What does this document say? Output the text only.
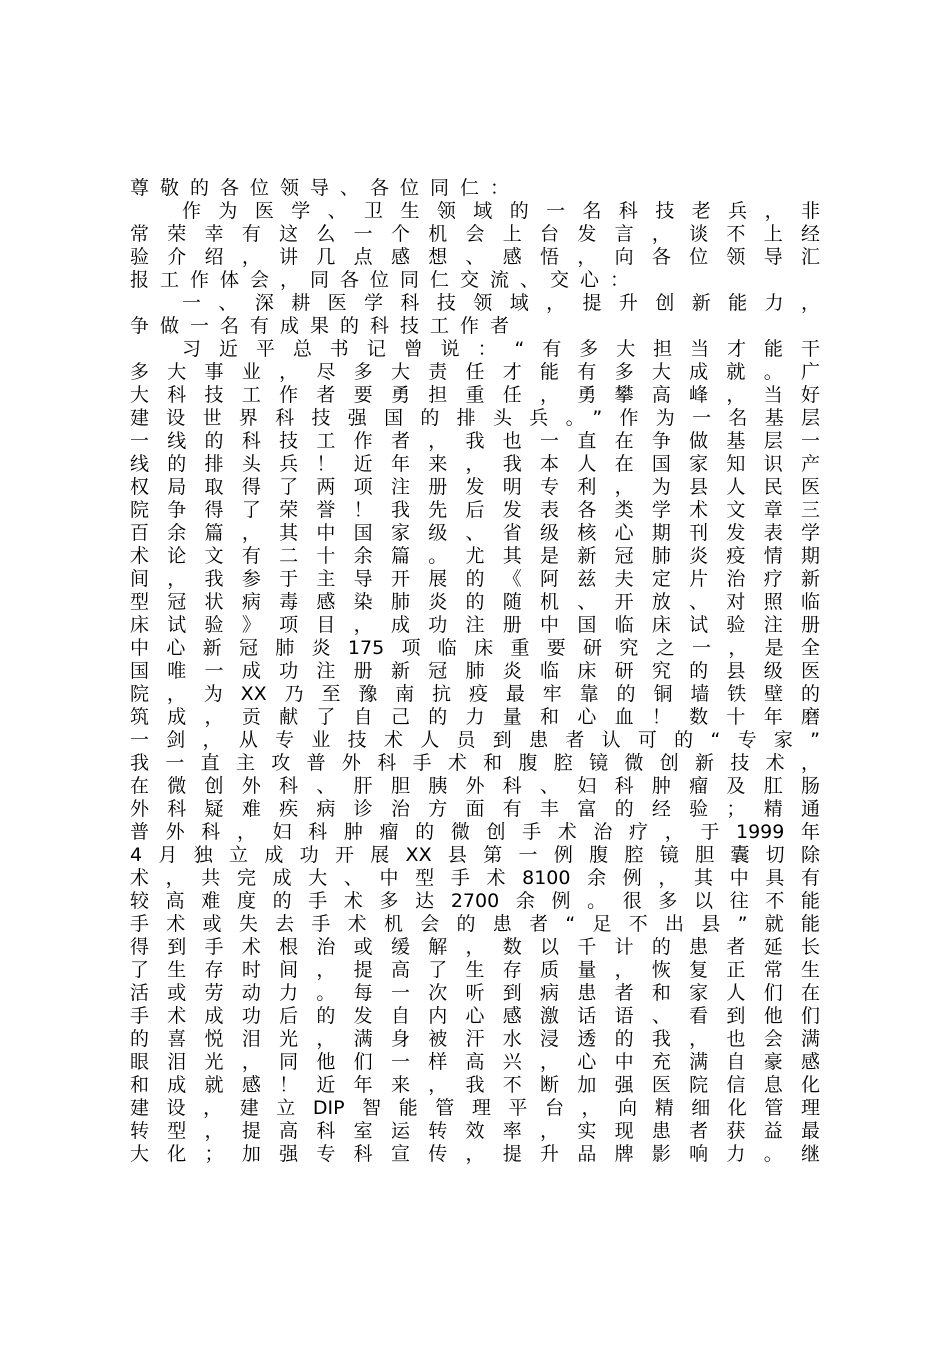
尊敬的各位领导、各位同仁：
作为医学、卫生领域的一名科技老兵，非
常荣幸有这么一个机会上台发言，谈不上经
验介绍，讲几点感想、感悟，向各位领导汇
报工作体会，同各位同仁交流、交心：
一、深耕医学科技领域，提升创新能力，
争做一名有成果的科技工作者
习近平总书记曾说：“有多大担当才能干
多大事业，尽多大责任才能有多大成就。广
大科技工作者要勇担重任，勇攀高峰，当好
建设世界科技强国的排头兵。”作为一名基层
一线的科技工作者，我也一直在争做基层一
线的排头兵！近年来，我本人在国家知识产
权局取得了两项注册发明专利，为县人民医
院争得了荣誉！我先后发表各类学术文章三
百余篇，其中国家级、省级核心期刊发表学
术论文有二十余篇。尤其是新冠肺炎疫情期
间，我参于主导开展的《阿兹夫定片治疗新
型冠状病毒感染肺炎的随机、开放、对照临
床试验》项目，成功注册中国临床试验注册
中心新冠肺炎175项临床重要研究之一，是全
国唯一成功注册新冠肺炎临床研究的县级医
院，为XX乃至豫南抗疫最牢靠的铜墙铁壁的
筑成，贡献了自己的力量和心血！数十年磨
一剑，从专业技术人员到患者认可的“专家”
我一直主攻普外科手术和腹腔镜微创新技术，
在微创外科、肝胆胰外科、妇科肿瘤及肛肠
外科疑难疾病诊治方面有丰富的经验；精通
普外科，妇科肿瘤的微创手术治疗，于1999年
4月独立成功开展XX县第一例腹腔镜胆囊切除
术，共完成大、中型手术8100余例，其中具有
较高难度的手术多达2700余例。很多以往不能
手术或失去手术机会的患者“足不出县”就能
得到手术根治或缓解，数以千计的患者延长
了生存时间，提高了生存质量，恢复正常生
活或劳动力。每一次听到病患者和家人们在
手术成功后的发自内心感激话语、看到他们
的喜悦泪光，满身被汗水浸透的我，也会满
眼泪光，同他们一样高兴，心中充满自豪感
和成就感！近年来，我不断加强医院信息化
建设，建立DIP智能管理平台，向精细化管理
转型，提高科室运转效率，实现患者获益最
大化；加强专科宣传，提升品牌影响力。继
